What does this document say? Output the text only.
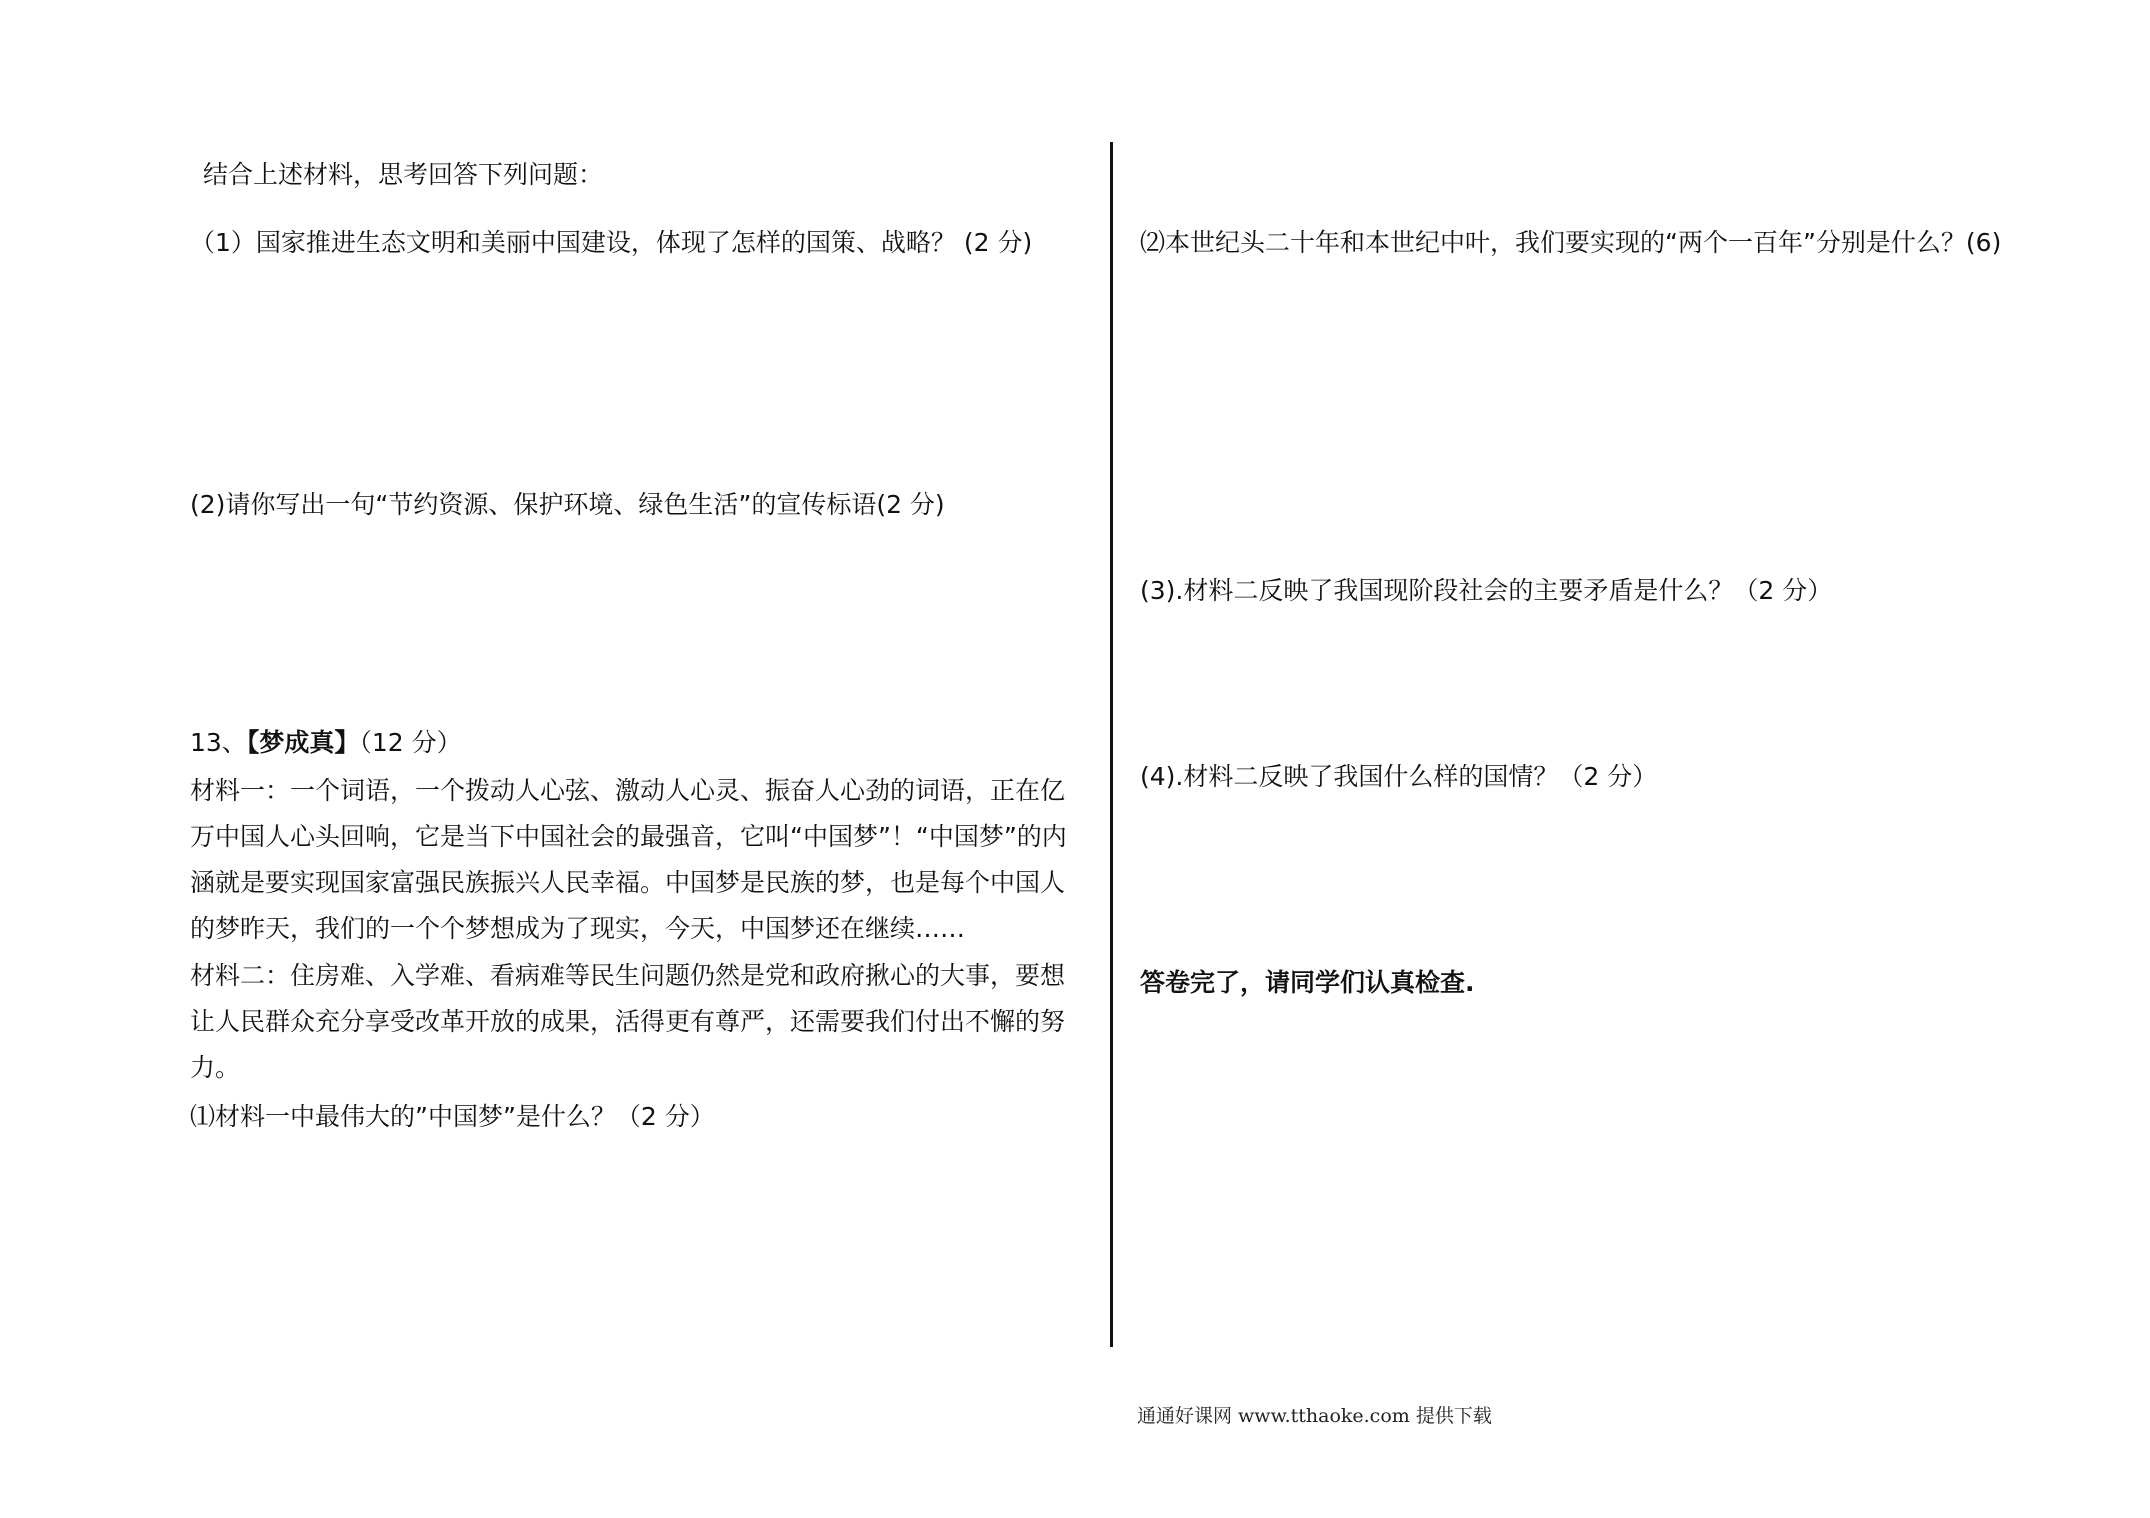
结合上述材料，思考回答下列问题：
（1）国家推进生态文明和美丽中国建设，体现了怎样的国策、战略？ (2 分)
(2)请你写出一句“节约资源、保护环境、绿色生活”的宣传标语(2 分)
13、【梦成真】（12 分）
材料一：一个词语，一个拨动人心弦、激动人心灵、振奋人心劲的词语，正在亿万中国人心头回响，它是当下中国社会的最强音，它叫“中国梦”！“中国梦”的内涵就是要实现国家富强民族振兴人民幸福。中国梦是民族的梦，也是每个中国人的梦昨天，我们的一个个梦想成为了现实，今天，中国梦还在继续……
材料二：住房难、入学难、看病难等民生问题仍然是党和政府揪心的大事，要想让人民群众充分享受改革开放的成果，活得更有尊严，还需要我们付出不懈的努力。
⑴材料一中最伟大的”中国梦”是什么？（2 分）
⑵本世纪头二十年和本世纪中叶，我们要实现的“两个一百年”分别是什么？(6)
(3).材料二反映了我国现阶段社会的主要矛盾是什么？（2 分）
(4).材料二反映了我国什么样的国情？（2 分）
答卷完了，请同学们认真检查.
通通好课网 www.tthaoke.com 提供下载
